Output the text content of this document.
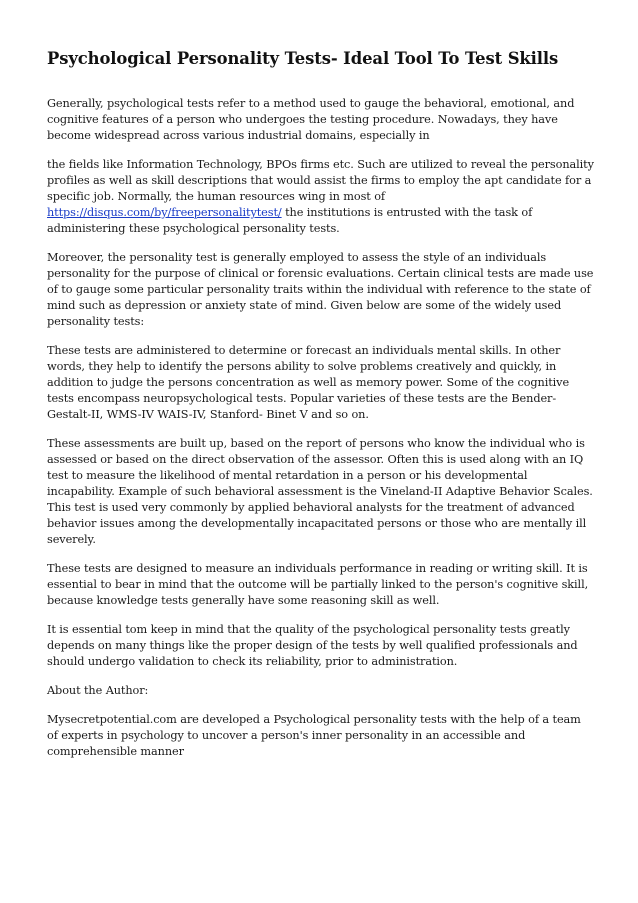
Psychological Personality Tests- Ideal Tool To Test Skills

Generally, psychological tests refer to a method used to gauge the behavioral, emotional, and cognitive features of a person who undergoes the testing procedure. Nowadays, they have become widespread across various industrial domains, especially in

the fields like Information Technology, BPOs firms etc. Such are utilized to reveal the personality profiles as well as skill descriptions that would assist the firms to employ the apt candidate for a specific job. Normally, the human resources wing in most of https://disqus.com/by/freepersonalitytest/ the institutions is entrusted with the task of administering these psychological personality tests.

Moreover, the personality test is generally employed to assess the style of an individuals personality for the purpose of clinical or forensic evaluations. Certain clinical tests are made use of to gauge some particular personality traits within the individual with reference to the state of mind such as depression or anxiety state of mind. Given below are some of the widely used personality tests:

These tests are administered to determine or forecast an individuals mental skills. In other words, they help to identify the persons ability to solve problems creatively and quickly, in addition to judge the persons concentration as well as memory power. Some of the cognitive tests encompass neuropsychological tests. Popular varieties of these tests are the Bender-Gestalt-II, WMS-IV WAIS-IV, Stanford- Binet V and so on.

These assessments are built up, based on the report of persons who know the individual who is assessed or based on the direct observation of the assessor. Often this is used along with an IQ test to measure the likelihood of mental retardation in a person or his developmental incapability. Example of such behavioral assessment is the Vineland-II Adaptive Behavior Scales. This test is used very commonly by applied behavioral analysts for the treatment of advanced behavior issues among the developmentally incapacitated persons or those who are mentally ill severely.

These tests are designed to measure an individuals performance in reading or writing skill. It is essential to bear in mind that the outcome will be partially linked to the person's cognitive skill, because knowledge tests generally have some reasoning skill as well.

It is essential tom keep in mind that the quality of the psychological personality tests greatly depends on many things like the proper design of the tests by well qualified professionals and should undergo validation to check its reliability, prior to administration.

About the Author:

Mysecretpotential.com are developed a Psychological personality tests with the help of a team of experts in psychology to uncover a person's inner personality in an accessible and comprehensible manner
